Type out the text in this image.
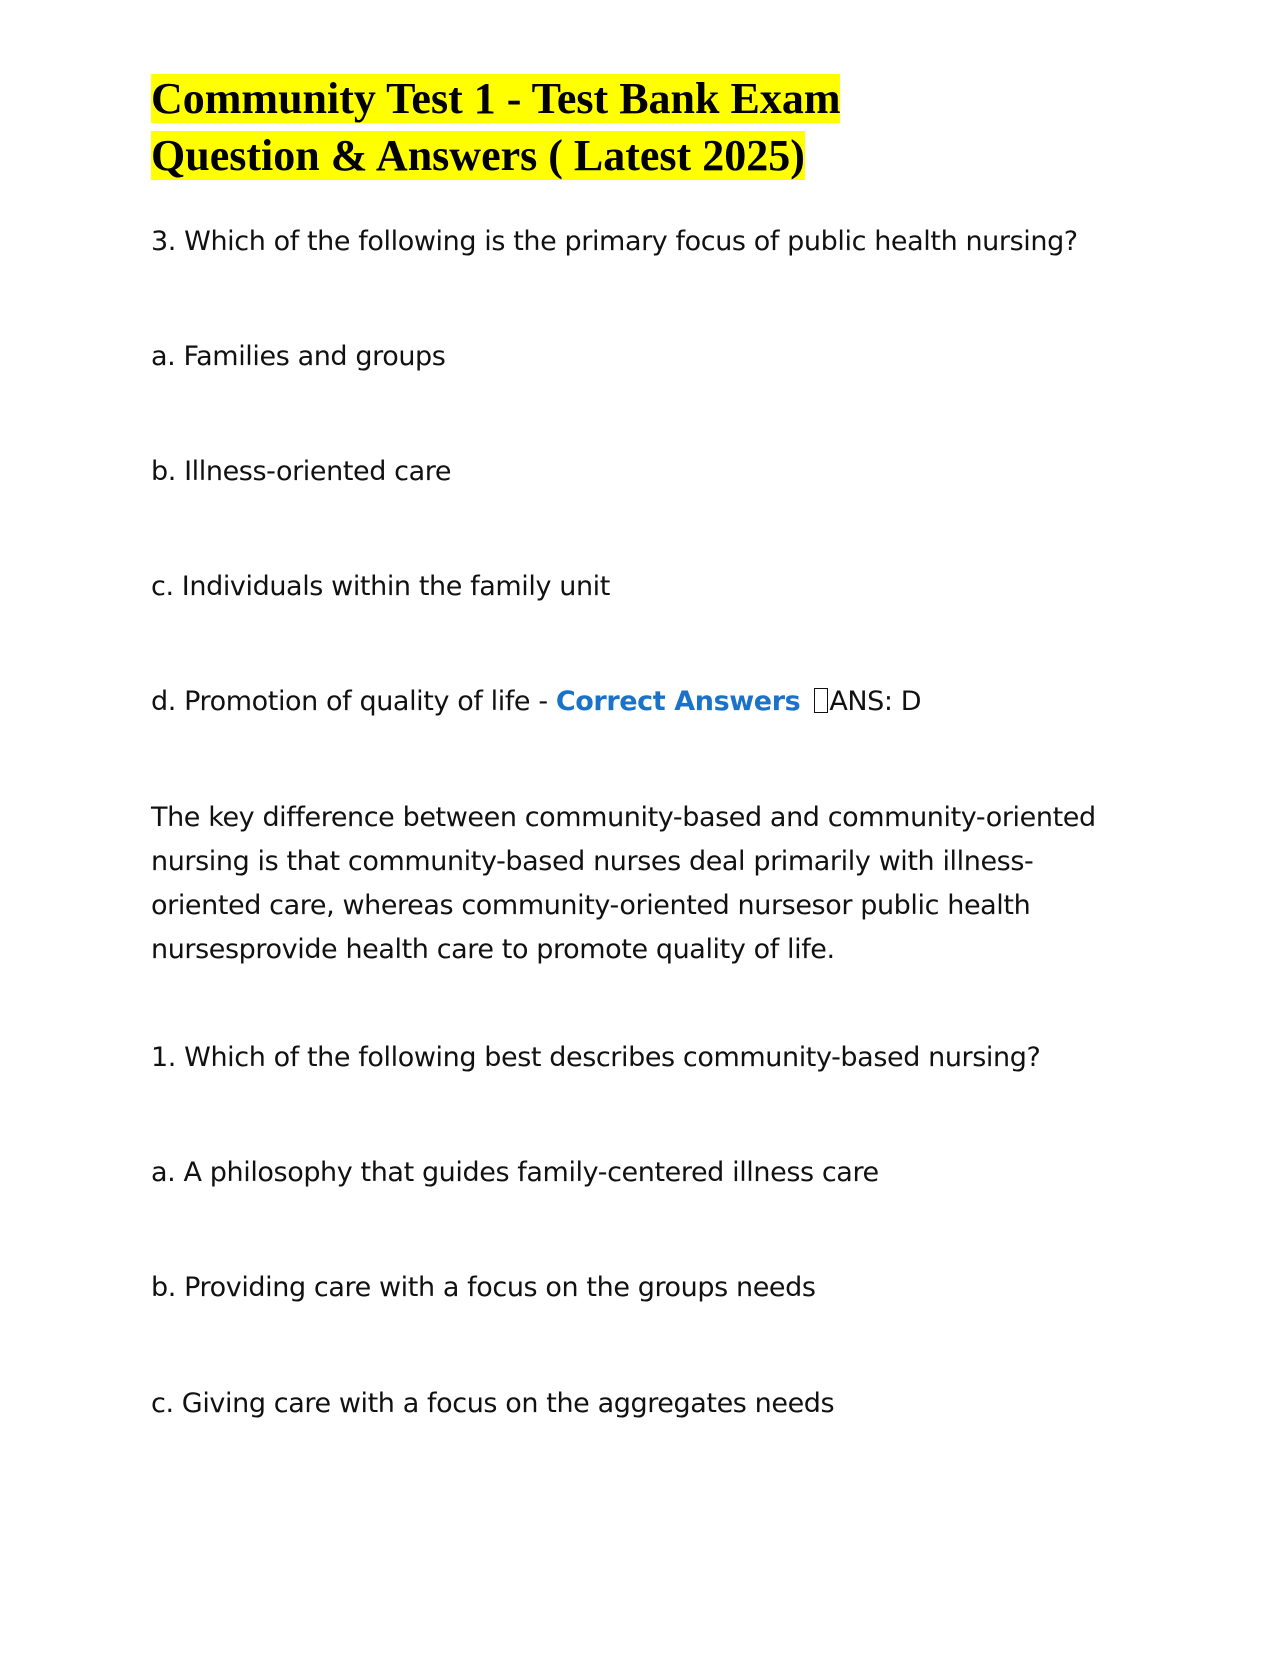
Community Test 1 - Test Bank Exam Question & Answers ( Latest 2025)

3. Which of the following is the primary focus of public health nursing?

a. Families and groups

b. Illness-oriented care

c. Individuals within the family unit

d. Promotion of quality of life - Correct Answers ANS: D

The key difference between community-based and community-oriented nursing is that community-based nurses deal primarily with illness-oriented care, whereas community-oriented nursesor public health nursesprovide health care to promote quality of life.

1. Which of the following best describes community-based nursing?

a. A philosophy that guides family-centered illness care

b. Providing care with a focus on the groups needs

c. Giving care with a focus on the aggregates needs
